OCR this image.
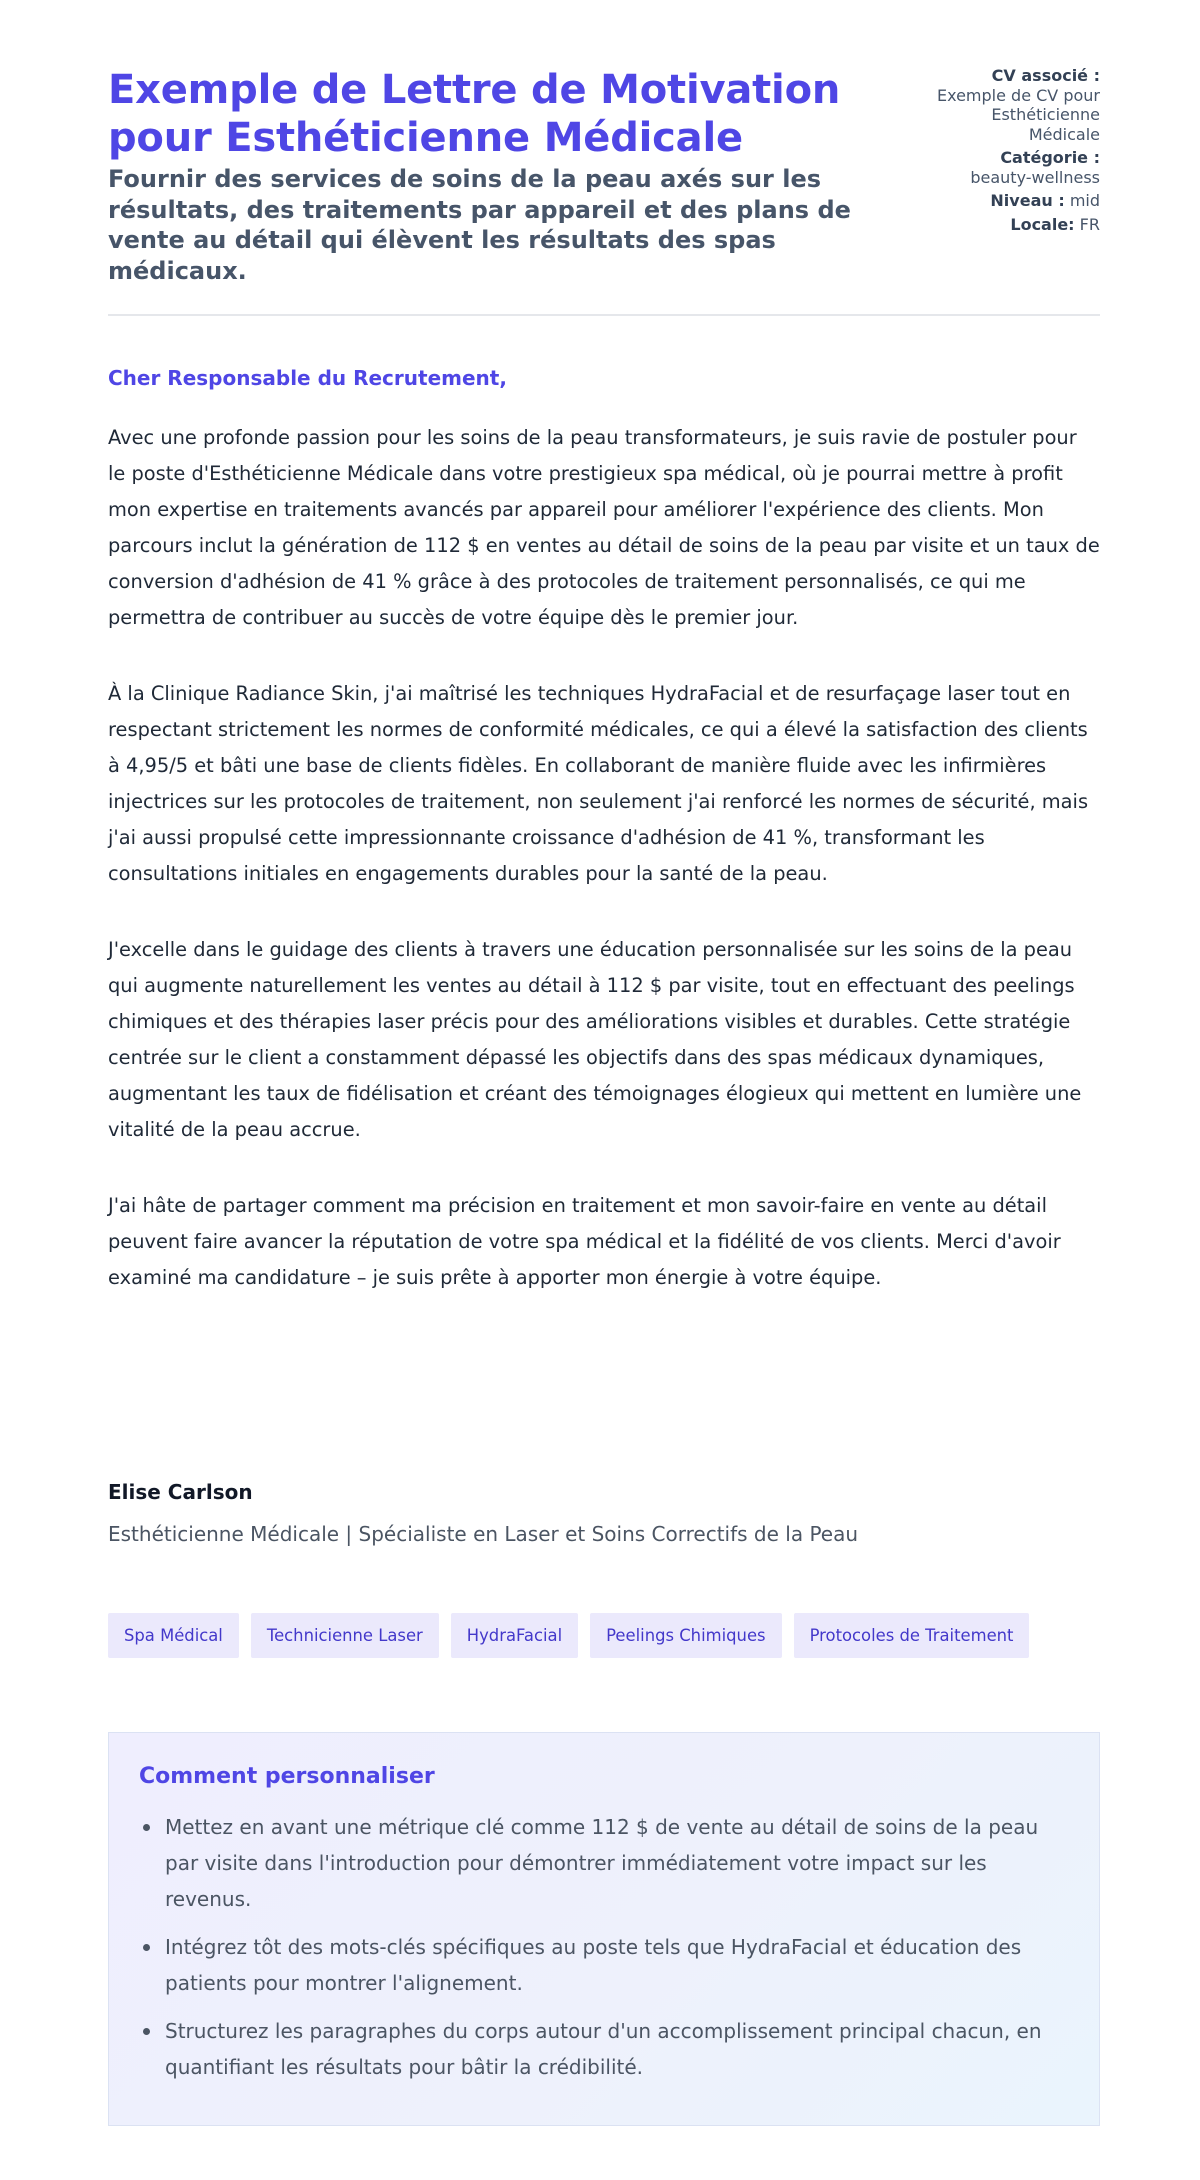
Exemple de Lettre de Motivation pour Esthéticienne Médicale
Fournir des services de soins de la peau axés sur les résultats, des traitements par appareil et des plans de vente au détail qui élèvent les résultats des spas médicaux.
CV associé :
Exemple de CV pour Esthéticienne Médicale
Catégorie :
beauty-wellness
Niveau : mid
Locale: FR
Cher Responsable du Recrutement,

Avec une profonde passion pour les soins de la peau transformateurs, je suis ravie de postuler pour le poste d'Esthéticienne Médicale dans votre prestigieux spa médical, où je pourrai mettre à profit mon expertise en traitements avancés par appareil pour améliorer l'expérience des clients. Mon parcours inclut la génération de 112 $ en ventes au détail de soins de la peau par visite et un taux de conversion d'adhésion de 41 % grâce à des protocoles de traitement personnalisés, ce qui me permettra de contribuer au succès de votre équipe dès le premier jour.

À la Clinique Radiance Skin, j'ai maîtrisé les techniques HydraFacial et de resurfaçage laser tout en respectant strictement les normes de conformité médicales, ce qui a élevé la satisfaction des clients à 4,95/5 et bâti une base de clients fidèles. En collaborant de manière fluide avec les infirmières injectrices sur les protocoles de traitement, non seulement j'ai renforcé les normes de sécurité, mais j'ai aussi propulsé cette impressionnante croissance d'adhésion de 41 %, transformant les consultations initiales en engagements durables pour la santé de la peau.

J'excelle dans le guidage des clients à travers une éducation personnalisée sur les soins de la peau qui augmente naturellement les ventes au détail à 112 $ par visite, tout en effectuant des peelings chimiques et des thérapies laser précis pour des améliorations visibles et durables. Cette stratégie centrée sur le client a constamment dépassé les objectifs dans des spas médicaux dynamiques, augmentant les taux de fidélisation et créant des témoignages élogieux qui mettent en lumière une vitalité de la peau accrue.

J'ai hâte de partager comment ma précision en traitement et mon savoir-faire en vente au détail peuvent faire avancer la réputation de votre spa médical et la fidélité de vos clients. Merci d'avoir examiné ma candidature – je suis prête à apporter mon énergie à votre équipe.

Elise Carlson
Esthéticienne Médicale | Spécialiste en Laser et Soins Correctifs de la Peau
Spa Médical	Technicienne Laser	HydraFacial	Peelings Chimiques	Protocoles de Traitement
Comment personnaliser
Mettez en avant une métrique clé comme 112 $ de vente au détail de soins de la peau par visite dans l'introduction pour démontrer immédiatement votre impact sur les revenus.
Intégrez tôt des mots-clés spécifiques au poste tels que HydraFacial et éducation des patients pour montrer l'alignement.
Structurez les paragraphes du corps autour d'un accomplissement principal chacun, en quantifiant les résultats pour bâtir la crédibilité.
